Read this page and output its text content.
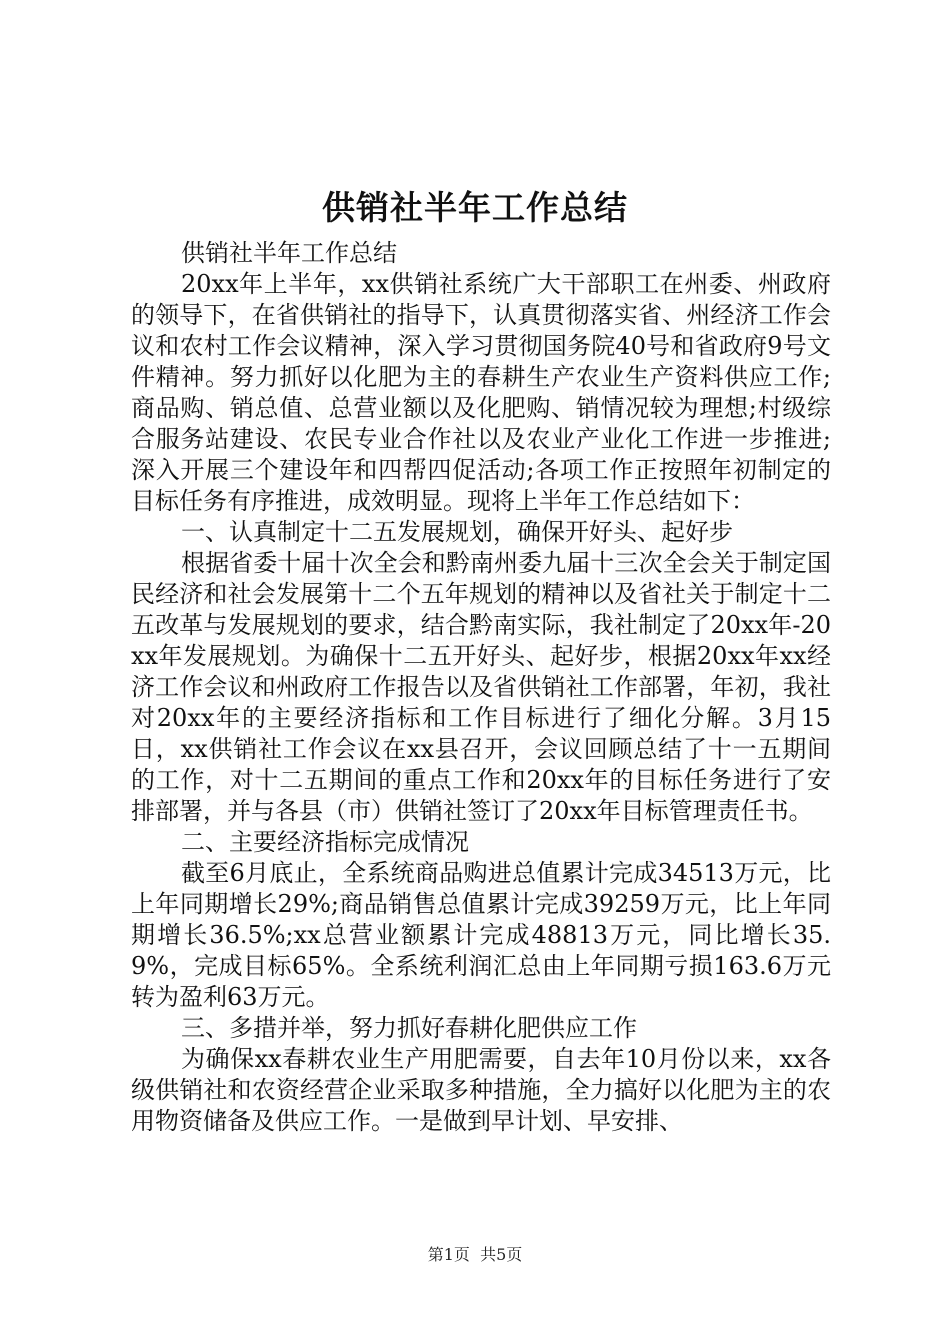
供销社半年工作总结

供销社半年工作总结

20xx年上半年，xx供销社系统广大干部职工在州委、州政府的领导下，在省供销社的指导下，认真贯彻落实省、州经济工作会议和农村工作会议精神，深入学习贯彻国务院40号和省政府9号文件精神。努力抓好以化肥为主的春耕生产农业生产资料供应工作;商品购、销总值、总营业额以及化肥购、销情况较为理想;村级综合服务站建设、农民专业合作社以及农业产业化工作进一步推进;深入开展三个建设年和四帮四促活动;各项工作正按照年初制定的目标任务有序推进，成效明显。现将上半年工作总结如下：

一、认真制定十二五发展规划，确保开好头、起好步

根据省委十届十次全会和黔南州委九届十三次全会关于制定国民经济和社会发展第十二个五年规划的精神以及省社关于制定十二五改革与发展规划的要求，结合黔南实际，我社制定了20xx年-20xx年发展规划。为确保十二五开好头、起好步，根据20xx年xx经济工作会议和州政府工作报告以及省供销社工作部署，年初，我社对20xx年的主要经济指标和工作目标进行了细化分解。3月15日，xx供销社工作会议在xx县召开，会议回顾总结了十一五期间的工作，对十二五期间的重点工作和20xx年的目标任务进行了安排部署，并与各县（市）供销社签订了20xx年目标管理责任书。

二、主要经济指标完成情况

截至6月底止，全系统商品购进总值累计完成34513万元，比上年同期增长29%;商品销售总值累计完成39259万元，比上年同期增长36.5%;xx总营业额累计完成48813万元，同比增长35.9%，完成目标65%。全系统利润汇总由上年同期亏损163.6万元转为盈利63万元。

三、多措并举，努力抓好春耕化肥供应工作

为确保xx春耕农业生产用肥需要，自去年10月份以来，xx各级供销社和农资经营企业采取多种措施，全力搞好以化肥为主的农用物资储备及供应工作。一是做到早计划、早安排、

第1页 共5页
